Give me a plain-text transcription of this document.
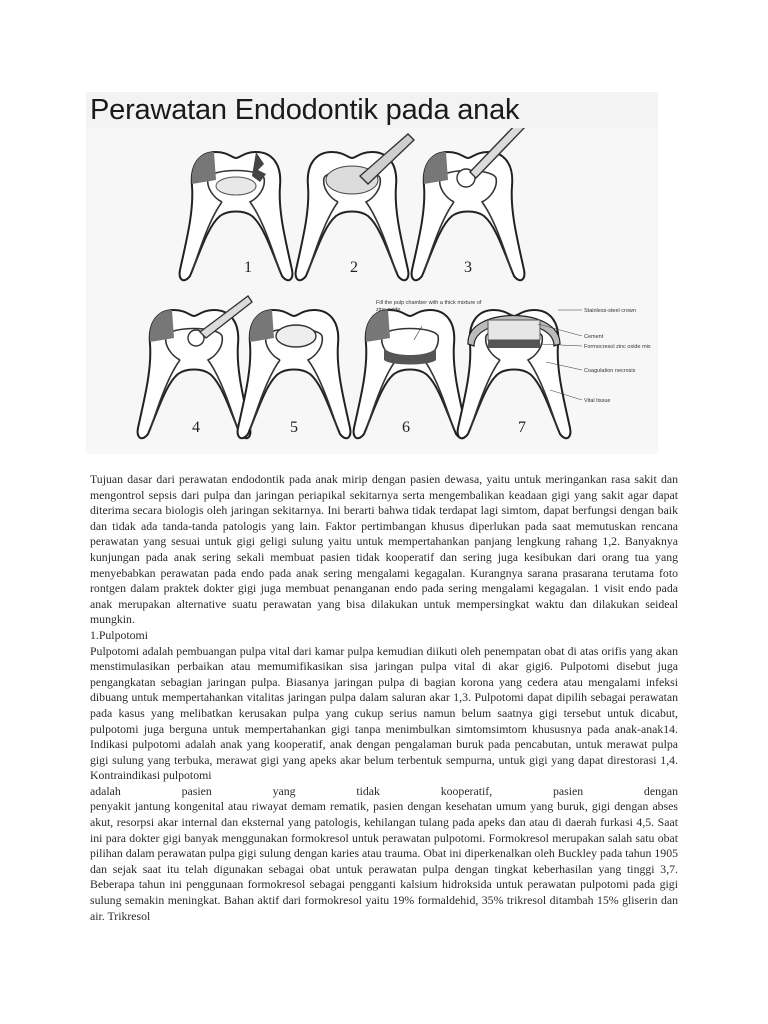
Perawatan Endodontik pada anak
1	2	3
4	5	6	7
Fill the pulp chamber with a thick mixture of zinc oxide	Stainless-steel crown
Cement
Formocresol zinc oxide mix
Coagulation necrosis
Vital tissue

Tujuan dasar dari perawatan endodontik pada anak mirip dengan pasien dewasa, yaitu untuk meringankan rasa sakit dan mengontrol sepsis dari pulpa dan jaringan periapikal sekitarnya serta mengembalikan keadaan gigi yang sakit agar dapat diterima secara biologis oleh jaringan sekitarnya. Ini berarti bahwa tidak terdapat lagi simtom, dapat berfungsi dengan baik dan tidak ada tanda-tanda patologis yang lain. Faktor pertimbangan khusus diperlukan pada saat memutuskan rencana perawatan yang sesuai untuk gigi geligi sulung yaitu untuk mempertahankan panjang lengkung rahang 1,2. Banyaknya kunjungan pada anak sering sekali membuat pasien tidak kooperatif dan sering juga kesibukan dari orang tua yang menyebabkan perawatan pada endo pada anak sering mengalami kegagalan. Kurangnya sarana prasarana terutama foto rontgen dalam praktek dokter gigi juga membuat penanganan endo pada sering mengalami kegagalan. 1 visit endo pada anak merupakan alternative suatu perawatan yang bisa dilakukan untuk mempersingkat waktu dan dilakukan seideal mungkin.

1.Pulpotomi

Pulpotomi adalah pembuangan pulpa vital dari kamar pulpa kemudian diikuti oleh penempatan obat di atas orifis yang akan menstimulasikan perbaikan atau memumifikasikan sisa jaringan pulpa vital di akar gigi6. Pulpotomi disebut juga pengangkatan sebagian jaringan pulpa. Biasanya jaringan pulpa di bagian korona yang cedera atau mengalami infeksi dibuang untuk mempertahankan vitalitas jaringan pulpa dalam saluran akar 1,3. Pulpotomi dapat dipilih sebagai perawatan pada kasus yang melibatkan kerusakan pulpa yang cukup serius namun belum saatnya gigi tersebut untuk dicabut, pulpotomi juga berguna untuk mempertahankan gigi tanpa menimbulkan simtomsimtom khususnya pada anak-anak14. Indikasi pulpotomi adalah anak yang kooperatif, anak dengan pengalaman buruk pada pencabutan, untuk merawat pulpa gigi sulung yang terbuka, merawat gigi yang apeks akar belum terbentuk sempurna, untuk gigi yang dapat direstorasi 1,4. Kontraindikasi pulpotomi

adalah pasien yang tidak kooperatif, pasien dengan

penyakit jantung kongenital atau riwayat demam rematik, pasien dengan kesehatan umum yang buruk, gigi dengan abses akut, resorpsi akar internal dan eksternal yang patologis, kehilangan tulang pada apeks dan atau di daerah furkasi 4,5. Saat ini para dokter gigi banyak menggunakan formokresol untuk perawatan pulpotomi. Formokresol merupakan salah satu obat pilihan dalam perawatan pulpa gigi sulung dengan karies atau trauma. Obat ini diperkenalkan oleh Buckley pada tahun 1905 dan sejak saat itu telah digunakan sebagai obat untuk perawatan pulpa dengan tingkat keberhasilan yang tinggi 3,7. Beberapa tahun ini penggunaan formokresol sebagai pengganti kalsium hidroksida untuk perawatan pulpotomi pada gigi sulung semakin meningkat. Bahan aktif dari formokresol yaitu 19% formaldehid, 35% trikresol ditambah 15% gliserin dan air. Trikresol
